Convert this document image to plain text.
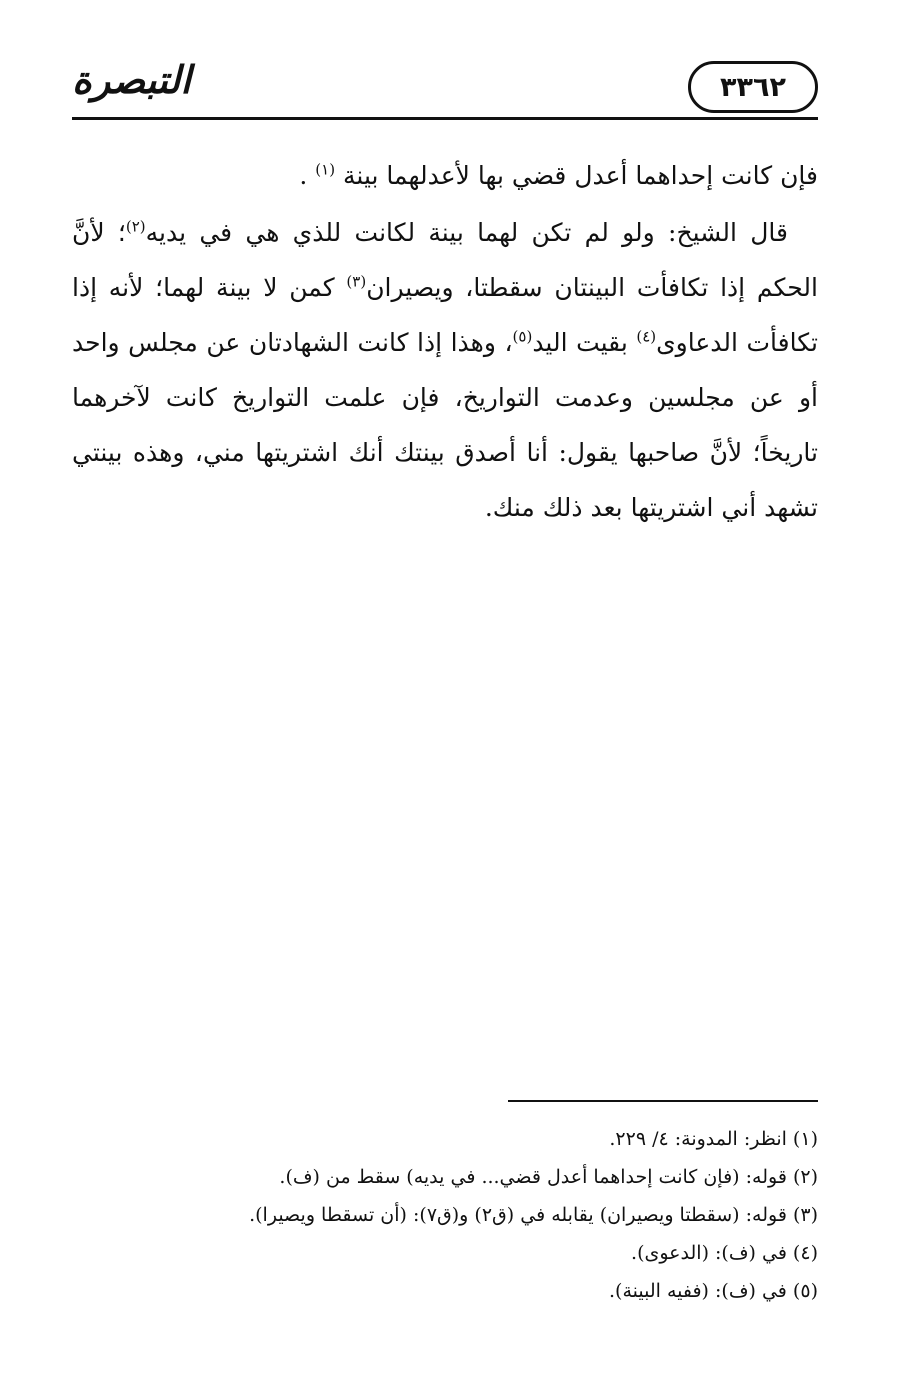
التبصرة	٣٣٦٢

فإن كانت إحداهما أعدل قضي بها لأعدلهما بينة $^{(١)}$ .

قال الشيخ: ولو لم تكن لهما بينة لكانت للذي هي في يديه$^{(٢)}$؛ لأنَّ الحكم إذا تكافأت البينتان سقطتا، ويصيران$^{(٣)}$ كمن لا بينة لهما؛ لأنه إذا تكافأت الدعاوى$^{(٤)}$ بقيت اليد$^{(٥)}$، وهذا إذا كانت الشهادتان عن مجلس واحد أو عن مجلسين وعدمت التواريخ، فإن علمت التواريخ كانت لآخرهما تاريخاً؛ لأنَّ صاحبها يقول: أنا أصدق بينتك أنك اشتريتها مني، وهذه بينتي تشهد أني اشتريتها بعد ذلك منك.

(١) انظر: المدونة: ٤/ ٢٢٩.

(٢) قوله: (فإن كانت إحداهما أعدل قضي... في يديه) سقط من (ف).

(٣) قوله: (سقطتا ويصيران) يقابله في (ق٢) و(ق٧): (أن تسقطا ويصيرا).

(٤) في (ف): (الدعوى).

(٥) في (ف): (ففيه البينة).
